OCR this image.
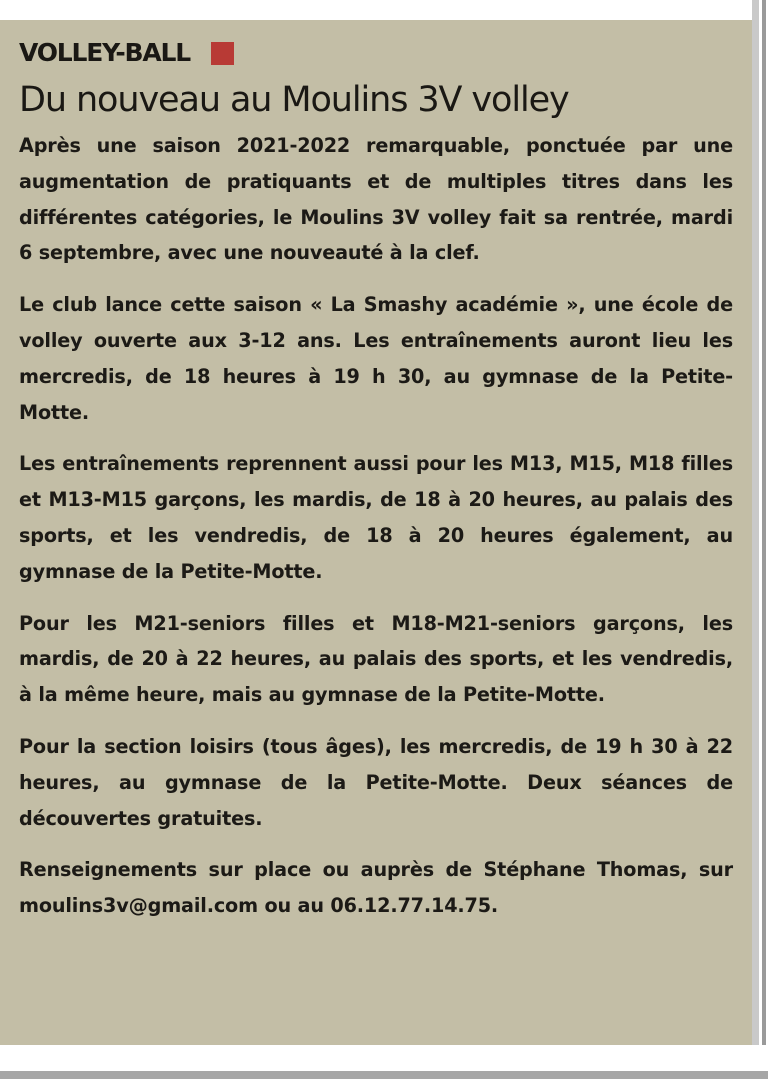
VOLLEY-BALL
Du nouveau au Moulins 3V volley

Après une saison 2021-2022 remarquable, ponctuée par une augmentation de pratiquants et de multiples titres dans les différentes catégories, le Moulins 3V volley fait sa rentrée, mardi 6 septembre, avec une nouveauté à la clef.

Le club lance cette saison « La Smashy académie », une école de volley ouverte aux 3-12 ans. Les entraînements auront lieu les mercredis, de 18 heures à 19 h 30, au gymnase de la Petite-Motte.

Les entraînements reprennent aussi pour les M13, M15, M18 filles et M13-M15 garçons, les mardis, de 18 à 20 heures, au palais des sports, et les vendredis, de 18 à 20 heures également, au gymnase de la Petite-Motte.

Pour les M21-seniors filles et M18-M21-seniors garçons, les mardis, de 20 à 22 heures, au palais des sports, et les vendredis, à la même heure, mais au gymnase de la Petite-Motte.

Pour la section loisirs (tous âges), les mercredis, de 19 h 30 à 22 heures, au gymnase de la Petite-Motte. Deux séances de découvertes gratuites.

Renseignements sur place ou auprès de Stéphane Thomas, sur moulins3v@gmail.com ou au 06.12.77.14.75.
